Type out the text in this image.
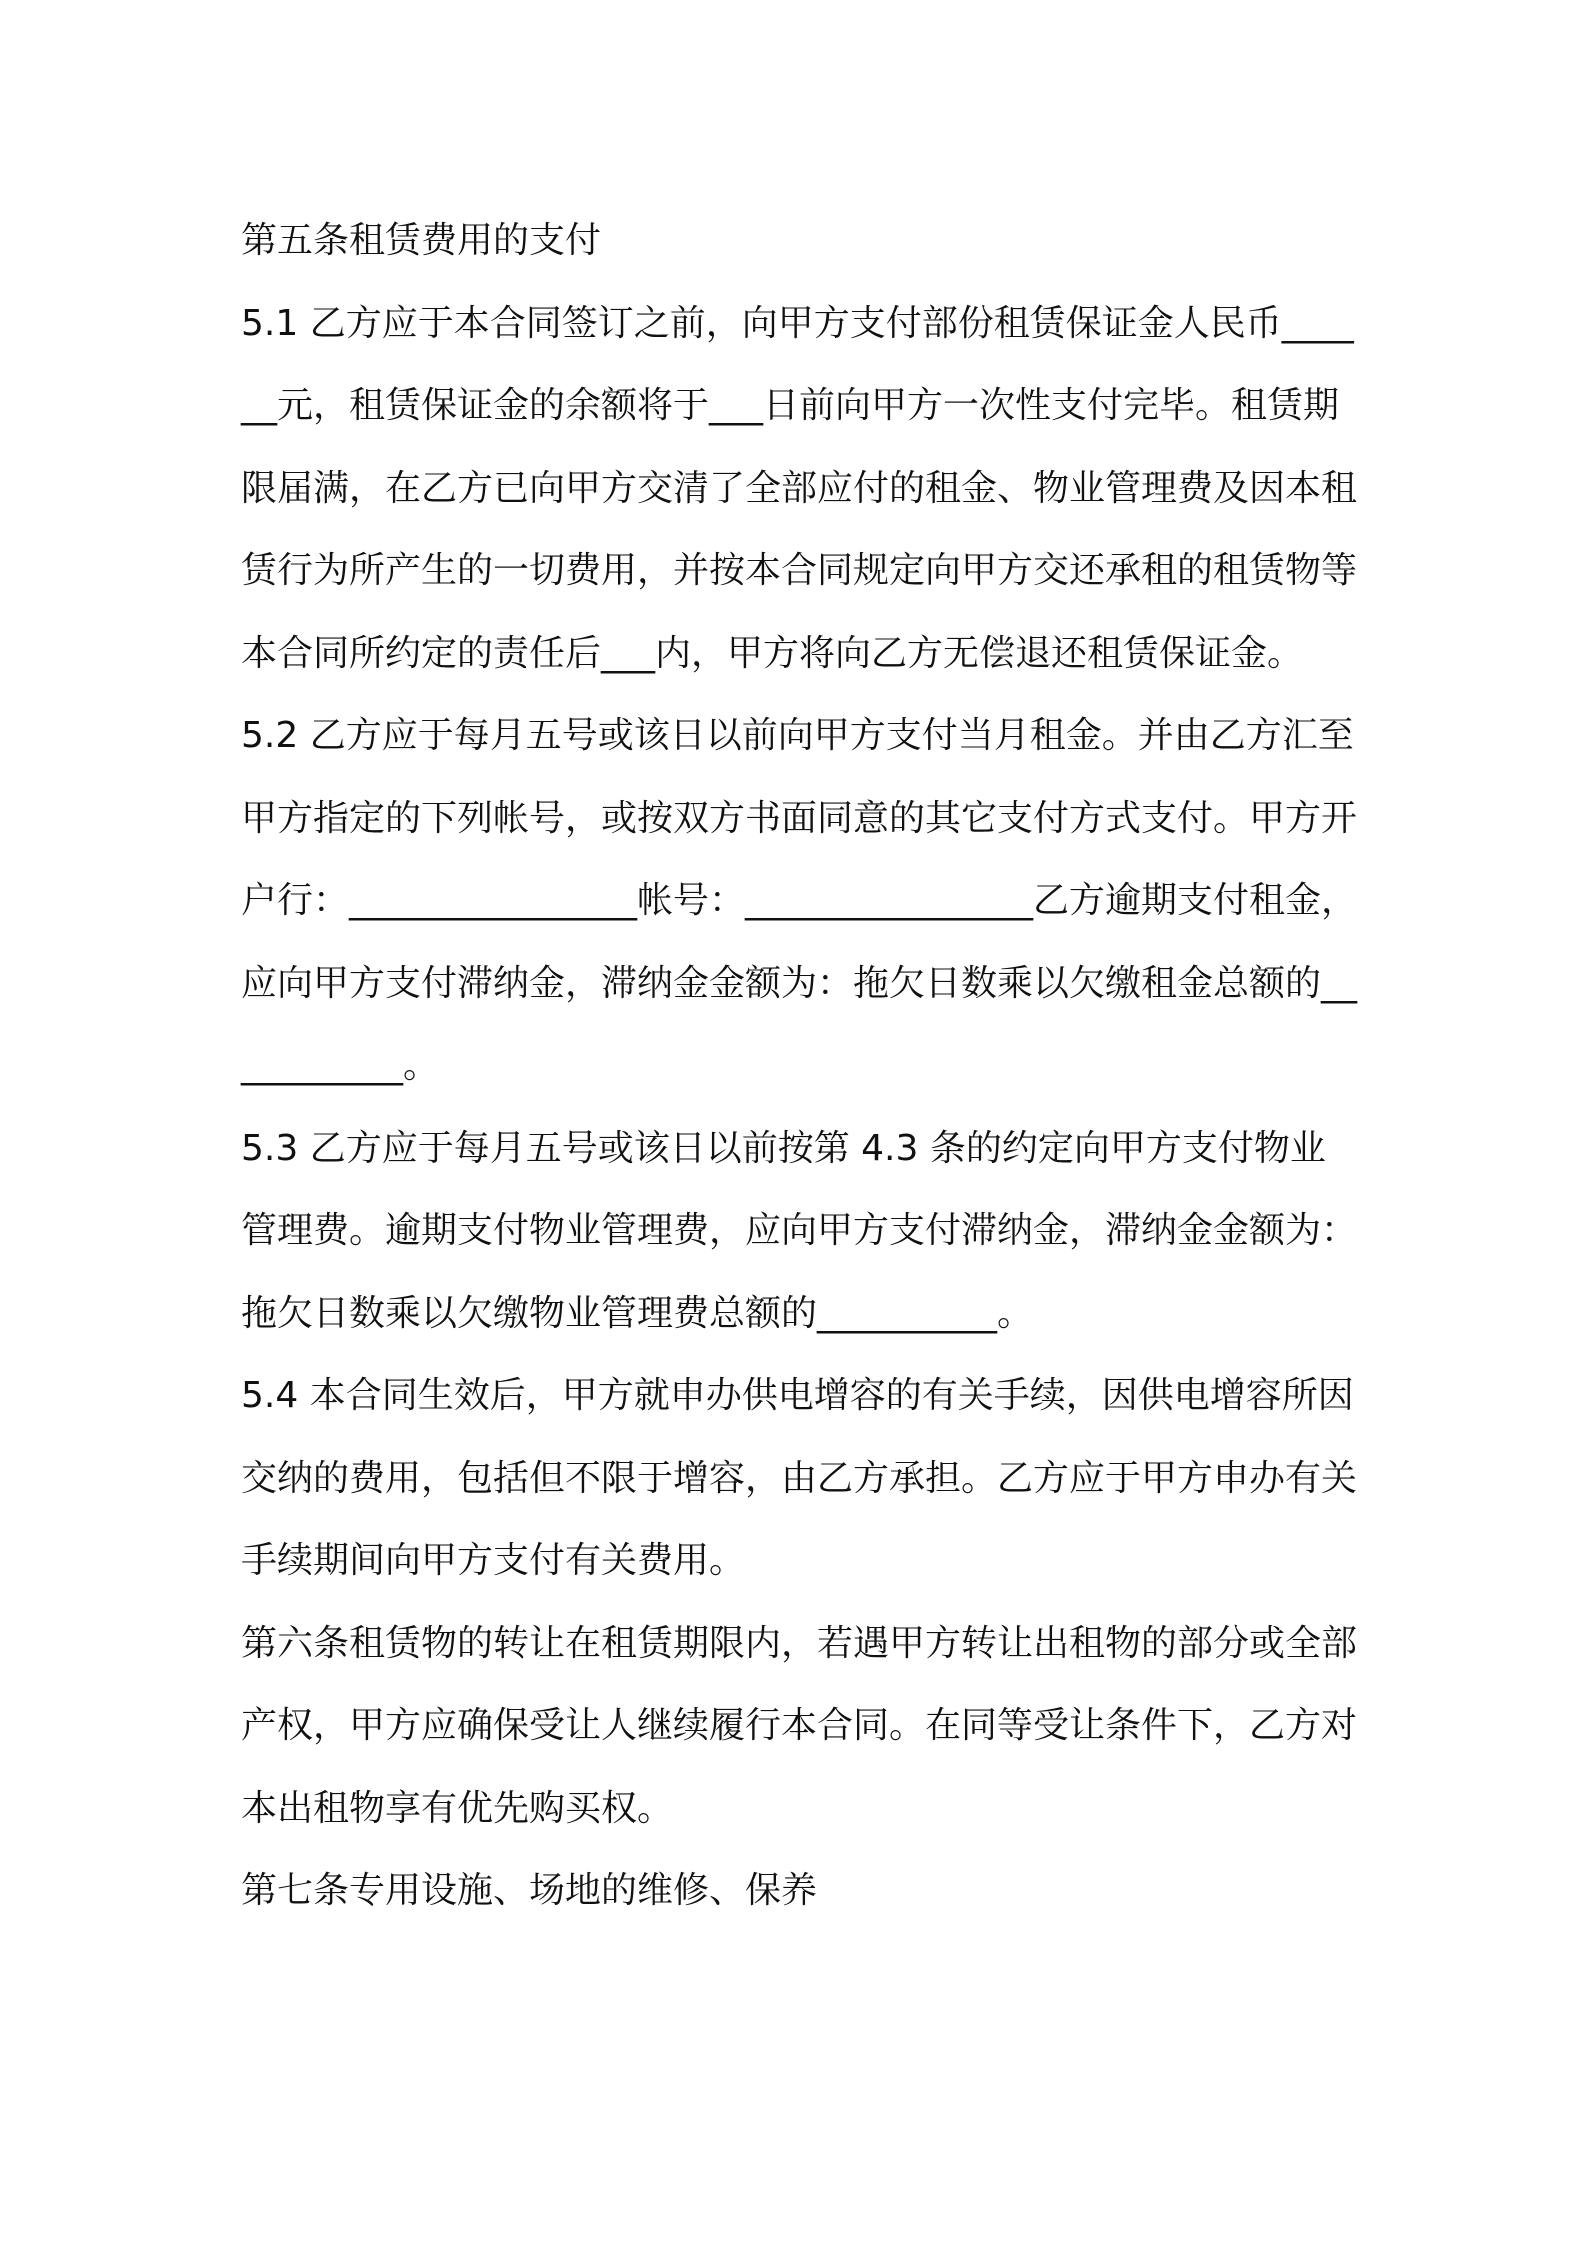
第五条租赁费用的支付

5.1 乙方应于本合同签订之前，向甲方支付部份租赁保证金人民币______元，租赁保证金的余额将于___日前向甲方一次性支付完毕。租赁期限届满，在乙方已向甲方交清了全部应付的租金、物业管理费及因本租赁行为所产生的一切费用，并按本合同规定向甲方交还承租的租赁物等本合同所约定的责任后___内，甲方将向乙方无偿退还租赁保证金。

5.2 乙方应于每月五号或该日以前向甲方支付当月租金。并由乙方汇至甲方指定的下列帐号，或按双方书面同意的其它支付方式支付。甲方开户行：________________帐号：________________乙方逾期支付租金，应向甲方支付滞纳金，滞纳金金额为：拖欠日数乘以欠缴租金总额的___________。

5.3 乙方应于每月五号或该日以前按第 4.3 条的约定向甲方支付物业管理费。逾期支付物业管理费，应向甲方支付滞纳金，滞纳金金额为：拖欠日数乘以欠缴物业管理费总额的__________。

5.4 本合同生效后，甲方就申办供电增容的有关手续，因供电增容所因交纳的费用，包括但不限于增容，由乙方承担。乙方应于甲方申办有关手续期间向甲方支付有关费用。

第六条租赁物的转让在租赁期限内，若遇甲方转让出租物的部分或全部产权，甲方应确保受让人继续履行本合同。在同等受让条件下，乙方对本出租物享有优先购买权。

第七条专用设施、场地的维修、保养
